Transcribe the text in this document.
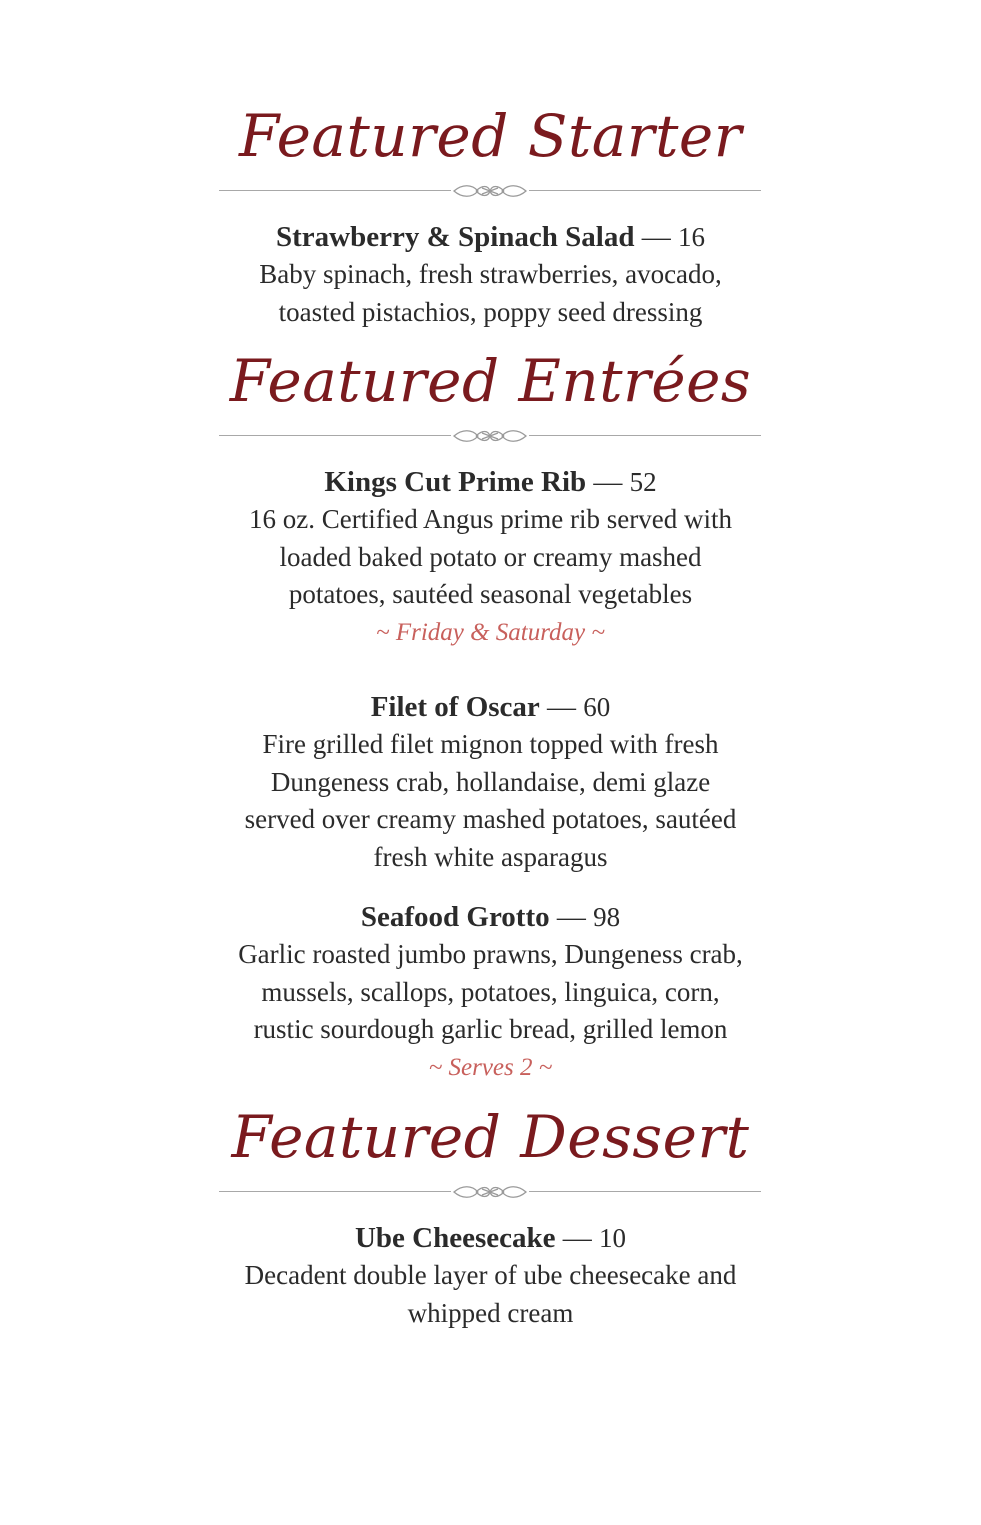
Featured Starter

Strawberry & Spinach Salad — 16

Baby spinach, fresh strawberries, avocado,

toasted pistachios, poppy seed dressing

Featured Entrées

Kings Cut Prime Rib — 52

16 oz. Certified Angus prime rib served with

loaded baked potato or creamy mashed

potatoes, sautéed seasonal vegetables

~ Friday & Saturday ~

Filet of Oscar — 60

Fire grilled filet mignon topped with fresh

Dungeness crab, hollandaise, demi glaze

served over creamy mashed potatoes, sautéed

fresh white asparagus

Seafood Grotto — 98

Garlic roasted jumbo prawns, Dungeness crab,

mussels, scallops, potatoes, linguica, corn,

rustic sourdough garlic bread, grilled lemon

~ Serves 2 ~

Featured Dessert

Ube Cheesecake — 10

Decadent double layer of ube cheesecake and

whipped cream
